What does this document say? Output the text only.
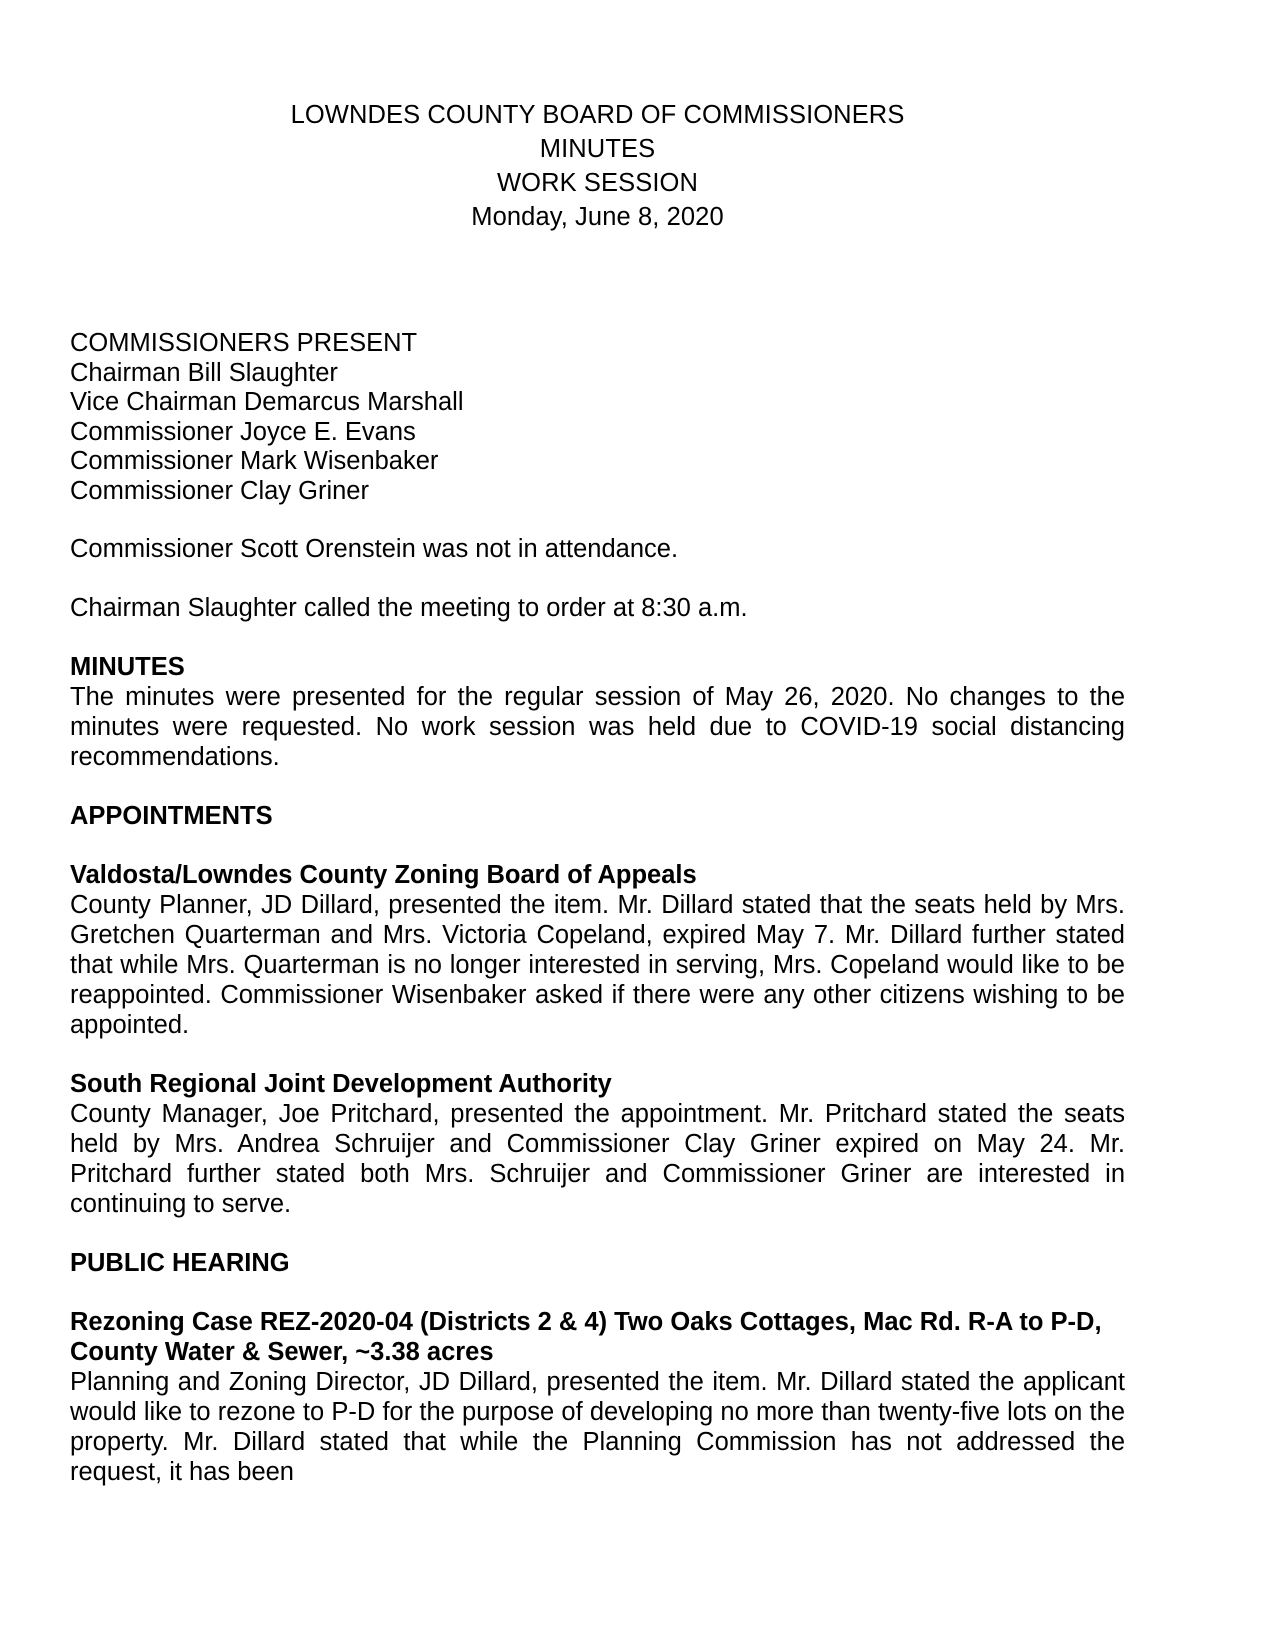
LOWNDES COUNTY BOARD OF COMMISSIONERS
MINUTES
WORK SESSION
Monday, June 8, 2020
COMMISSIONERS PRESENT
Chairman Bill Slaughter
Vice Chairman Demarcus Marshall
Commissioner Joyce E. Evans
Commissioner Mark Wisenbaker
Commissioner Clay Griner
Commissioner Scott Orenstein was not in attendance.
Chairman Slaughter called the meeting to order at 8:30 a.m.
MINUTES

The minutes were presented for the regular session of May 26, 2020. No changes to the minutes were requested. No work session was held due to COVID-19 social distancing recommendations.

APPOINTMENTS
Valdosta/Lowndes County Zoning Board of Appeals

County Planner, JD Dillard, presented the item. Mr. Dillard stated that the seats held by Mrs. Gretchen Quarterman and Mrs. Victoria Copeland, expired May 7. Mr. Dillard further stated that while Mrs. Quarterman is no longer interested in serving, Mrs. Copeland would like to be reappointed. Commissioner Wisenbaker asked if there were any other citizens wishing to be appointed.

South Regional Joint Development Authority

County Manager, Joe Pritchard, presented the appointment. Mr. Pritchard stated the seats held by Mrs. Andrea Schruijer and Commissioner Clay Griner expired on May 24. Mr. Pritchard further stated both Mrs. Schruijer and Commissioner Griner are interested in continuing to serve.

PUBLIC HEARING
Rezoning Case REZ-2020-04 (Districts 2 & 4) Two Oaks Cottages, Mac Rd. R-A to P-D, County Water & Sewer, ~3.38 acres

Planning and Zoning Director, JD Dillard, presented the item. Mr. Dillard stated the applicant would like to rezone to P-D for the purpose of developing no more than twenty-five lots on the property. Mr. Dillard stated that while the Planning Commission has not addressed the request, it has been
